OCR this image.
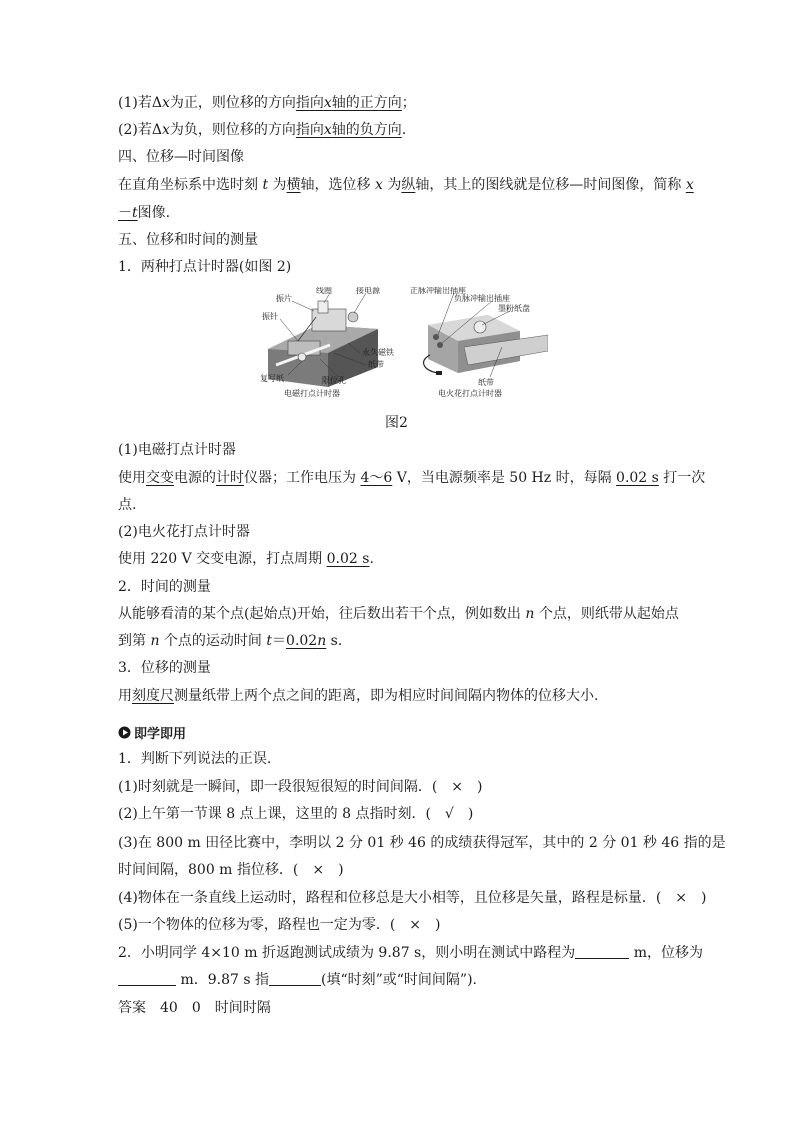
(1)若Δx为正，则位移的方向指向x轴的正方向；
(2)若Δx为负，则位移的方向指向x轴的负方向.
四、位移—时间图像
在直角坐标系中选时刻 t 为横轴，选位移 x 为纵轴，其上的图线就是位移—时间图像，简称 x
－t图像.
五、位移和时间的测量
1．两种打点计时器(如图 2)
线圈	接电源
振片
振针
永久磁铁
纸带
复写纸	限位孔
电磁打点计时器
正脉冲输出插座
负脉冲输出插座
墨粉纸盘
纸带
电火花打点计时器
图2
(1)电磁打点计时器
使用交变电源的计时仪器；工作电压为 4～6 V，当电源频率是 50 Hz 时，每隔 0.02 s 打一次
点.
(2)电火花打点计时器
使用 220 V 交变电源，打点周期 0.02 s.
2．时间的测量
从能够看清的某个点(起始点)开始，往后数出若干个点，例如数出 n 个点，则纸带从起始点
到第 n 个点的运动时间 t＝0.02n s.
3．位移的测量
用刻度尺测量纸带上两个点之间的距离，即为相应时间间隔内物体的位移大小.
即学即用
1．判断下列说法的正误.
(1)时刻就是一瞬间，即一段很短很短的时间间隔．(　×　)
(2)上午第一节课 8 点上课，这里的 8 点指时刻．(　√　)
(3)在 800 m 田径比赛中，李明以 2 分 01 秒 46 的成绩获得冠军，其中的 2 分 01 秒 46 指的是
时间间隔，800 m 指位移．(　×　)
(4)物体在一条直线上运动时，路程和位移总是大小相等，且位移是矢量，路程是标量．(　×　)
(5)一个物体的位移为零，路程也一定为零．(　×　)
2．小明同学 4×10 m 折返跑测试成绩为 9.87 s，则小明在测试中路程为	m，位移为
m．9.87 s 指	(填“时刻”或“时间间隔”).
答案　40　0　时间时隔
